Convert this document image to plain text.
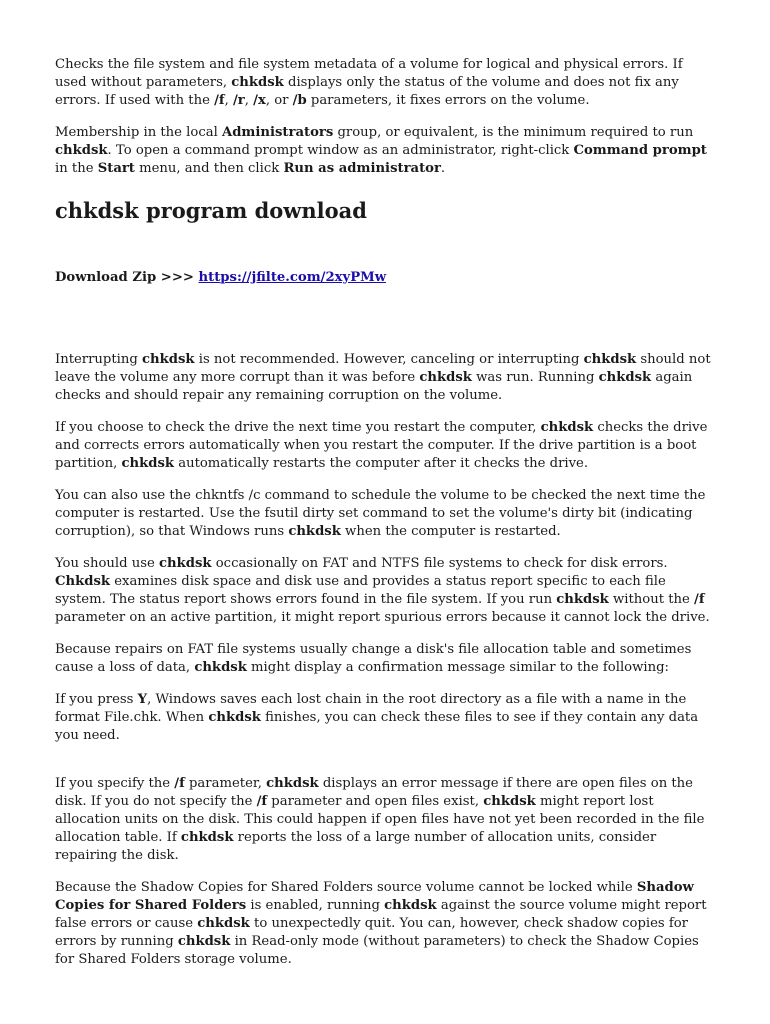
Checks the file system and file system metadata of a volume for logical and physical errors. If used without parameters, chkdsk displays only the status of the volume and does not fix any errors. If used with the /f, /r, /x, or /b parameters, it fixes errors on the volume.

Membership in the local Administrators group, or equivalent, is the minimum required to run chkdsk. To open a command prompt window as an administrator, right-click Command prompt in the Start menu, and then click Run as administrator.

chkdsk program download

Download Zip >>> https://jfilte.com/2xyPMw

Interrupting chkdsk is not recommended. However, canceling or interrupting chkdsk should not leave the volume any more corrupt than it was before chkdsk was run. Running chkdsk again checks and should repair any remaining corruption on the volume.

If you choose to check the drive the next time you restart the computer, chkdsk checks the drive and corrects errors automatically when you restart the computer. If the drive partition is a boot partition, chkdsk automatically restarts the computer after it checks the drive.

You can also use the chkntfs /c command to schedule the volume to be checked the next time the computer is restarted. Use the fsutil dirty set command to set the volume's dirty bit (indicating corruption), so that Windows runs chkdsk when the computer is restarted.

You should use chkdsk occasionally on FAT and NTFS file systems to check for disk errors. Chkdsk examines disk space and disk use and provides a status report specific to each file system. The status report shows errors found in the file system. If you run chkdsk without the /f parameter on an active partition, it might report spurious errors because it cannot lock the drive.

Because repairs on FAT file systems usually change a disk's file allocation table and sometimes cause a loss of data, chkdsk might display a confirmation message similar to the following:

If you press Y, Windows saves each lost chain in the root directory as a file with a name in the format File.chk. When chkdsk finishes, you can check these files to see if they contain any data you need.

If you specify the /f parameter, chkdsk displays an error message if there are open files on the disk. If you do not specify the /f parameter and open files exist, chkdsk might report lost allocation units on the disk. This could happen if open files have not yet been recorded in the file allocation table. If chkdsk reports the loss of a large number of allocation units, consider repairing the disk.

Because the Shadow Copies for Shared Folders source volume cannot be locked while Shadow Copies for Shared Folders is enabled, running chkdsk against the source volume might report false errors or cause chkdsk to unexpectedly quit. You can, however, check shadow copies for errors by running chkdsk in Read-only mode (without parameters) to check the Shadow Copies for Shared Folders storage volume.
